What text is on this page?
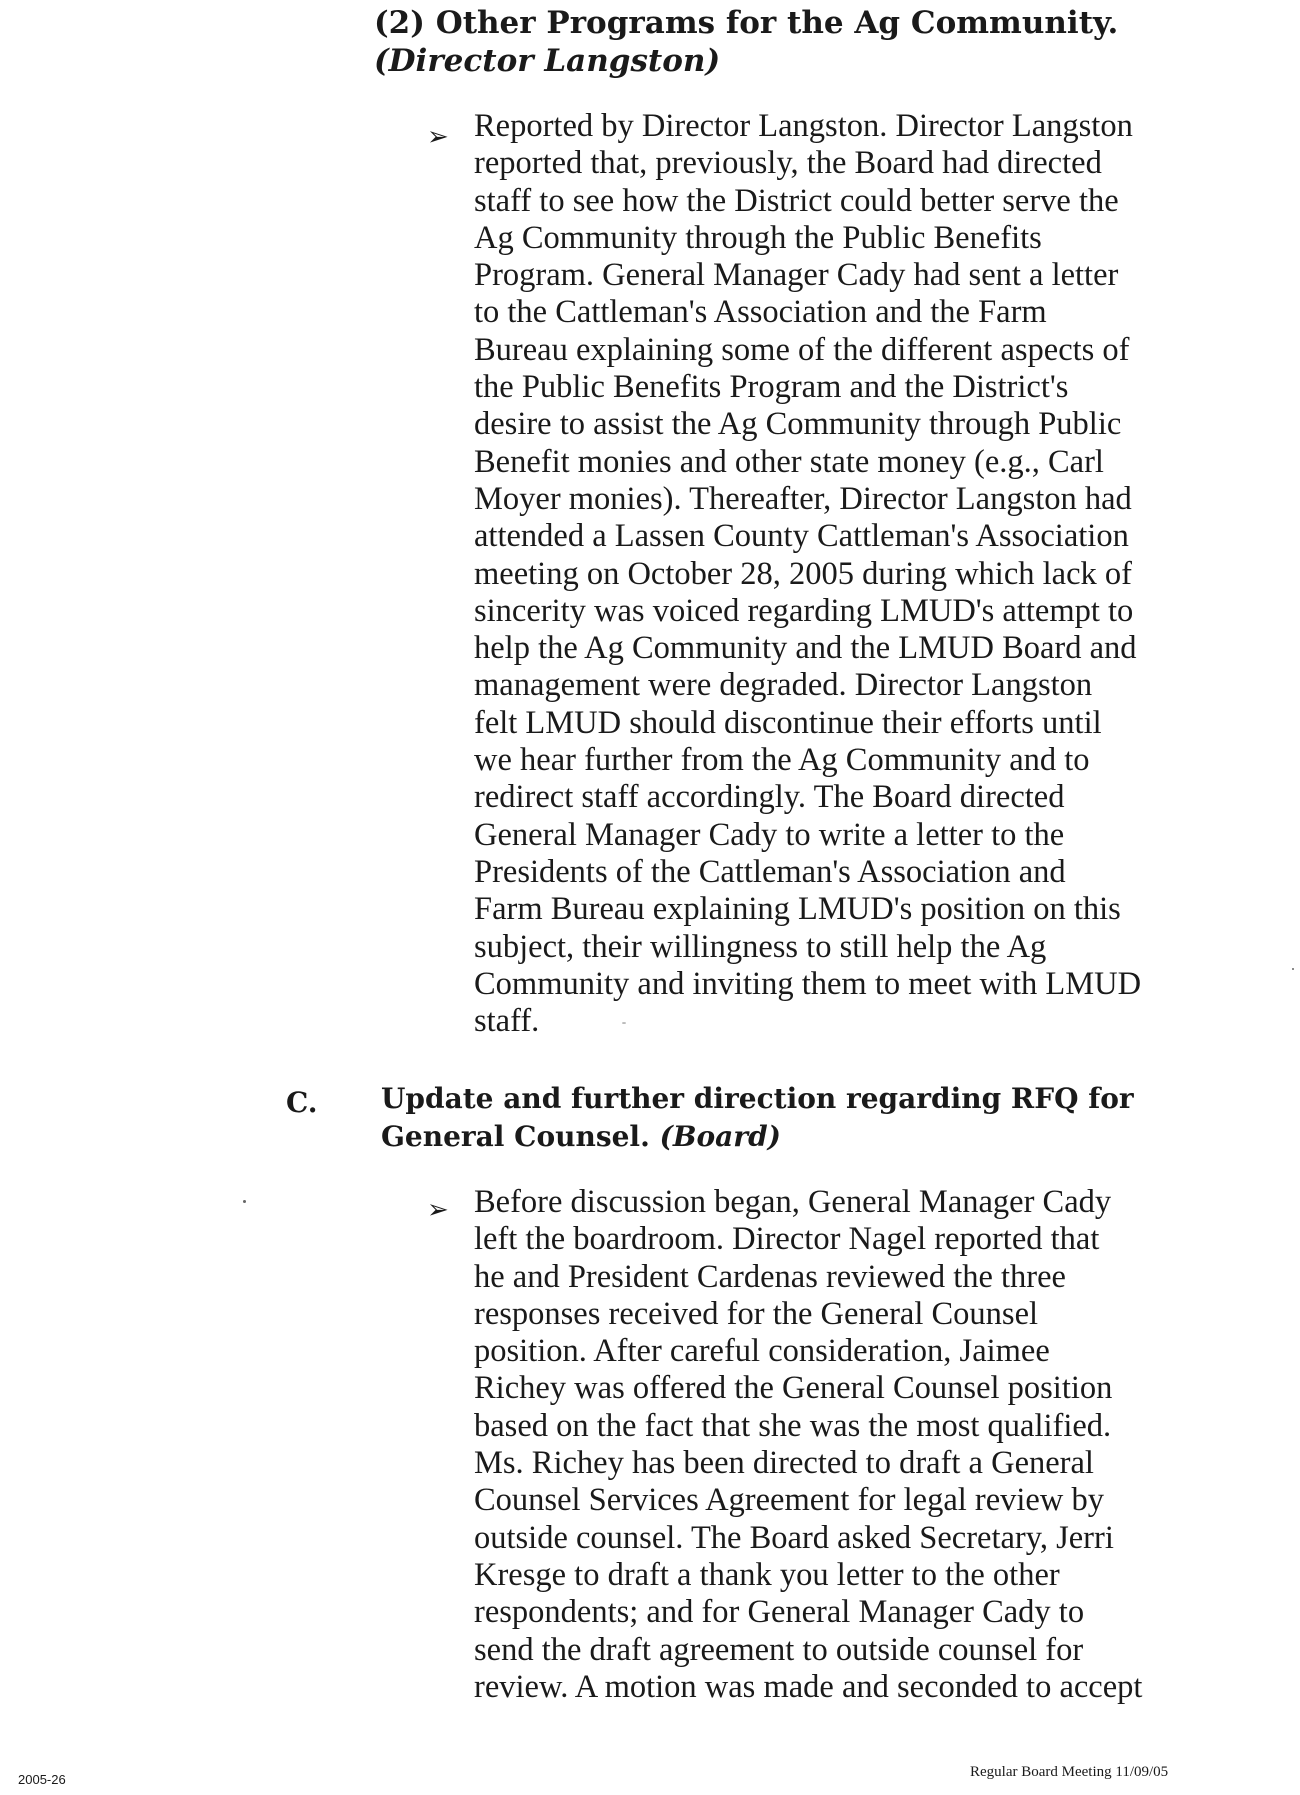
(2) Other Programs for the Ag Community.
(Director Langston)
➢ Reported by Director Langston. Director Langston
reported that, previously, the Board had directed
staff to see how the District could better serve the
Ag Community through the Public Benefits
Program. General Manager Cady had sent a letter
to the Cattleman's Association and the Farm
Bureau explaining some of the different aspects of
the Public Benefits Program and the District's
desire to assist the Ag Community through Public
Benefit monies and other state money (e.g., Carl
Moyer monies). Thereafter, Director Langston had
attended a Lassen County Cattleman's Association
meeting on October 28, 2005 during which lack of
sincerity was voiced regarding LMUD's attempt to
help the Ag Community and the LMUD Board and
management were degraded. Director Langston
felt LMUD should discontinue their efforts until
we hear further from the Ag Community and to
redirect staff accordingly. The Board directed
General Manager Cady to write a letter to the
Presidents of the Cattleman's Association and
Farm Bureau explaining LMUD's position on this
subject, their willingness to still help the Ag
Community and inviting them to meet with LMUD
staff.
C. Update and further direction regarding RFQ for
General Counsel. (Board)
➢ Before discussion began, General Manager Cady
left the boardroom. Director Nagel reported that
he and President Cardenas reviewed the three
responses received for the General Counsel
position. After careful consideration, Jaimee
Richey was offered the General Counsel position
based on the fact that she was the most qualified.
Ms. Richey has been directed to draft a General
Counsel Services Agreement for legal review by
outside counsel. The Board asked Secretary, Jerri
Kresge to draft a thank you letter to the other
respondents; and for General Manager Cady to
send the draft agreement to outside counsel for
review. A motion was made and seconded to accept
2005-26	Regular Board Meeting 11/09/05
